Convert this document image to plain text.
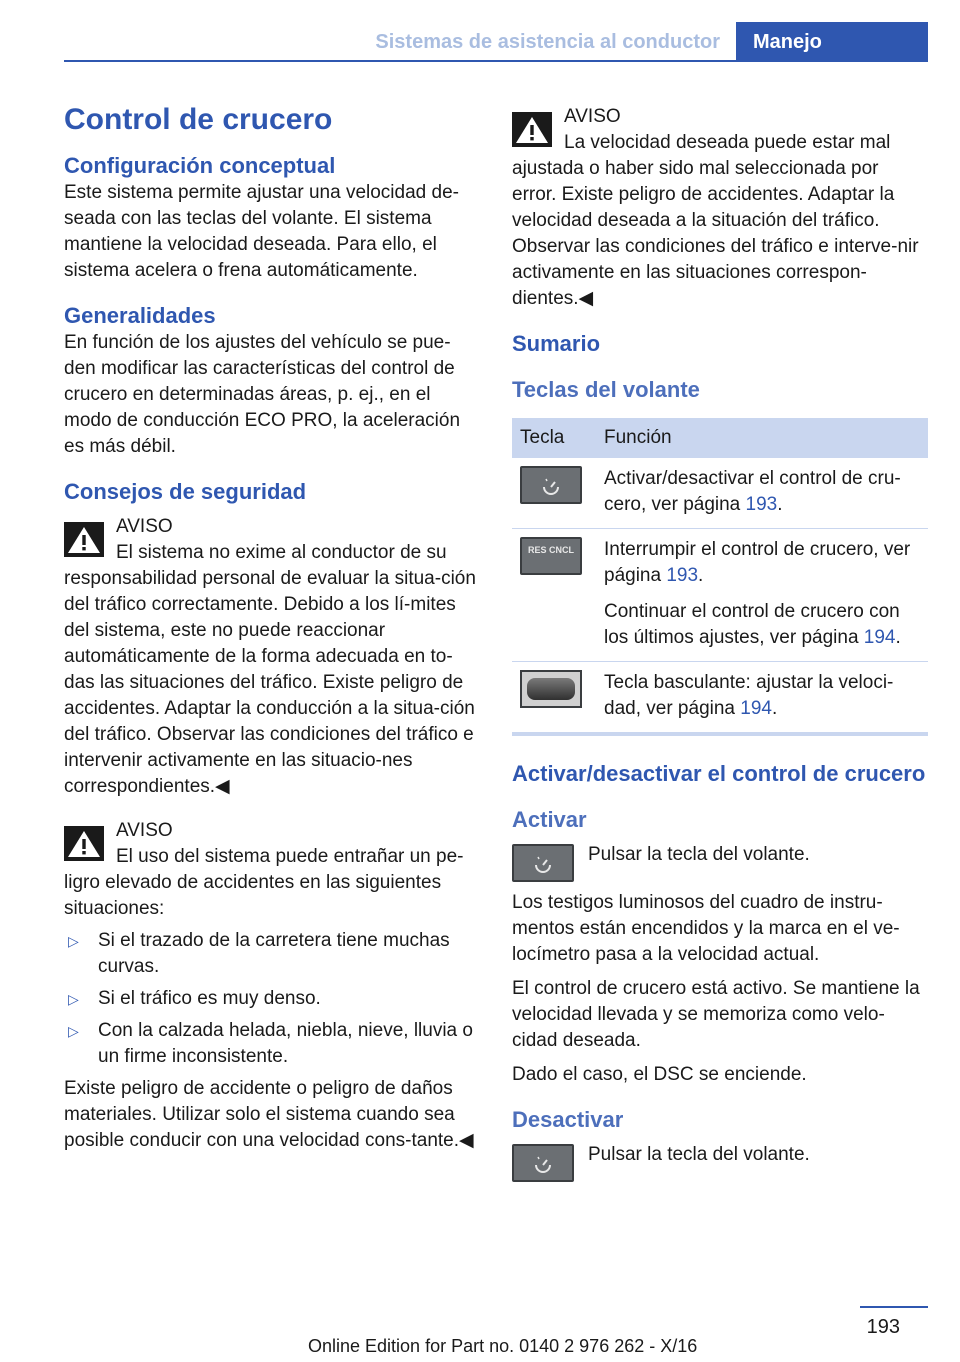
Sistemas de asistencia al conductor	Manejo
Control de crucero
Configuración conceptual

Este sistema permite ajustar una velocidad de-seada con las teclas del volante. El sistema mantiene la velocidad deseada. Para ello, el sistema acelera o frena automáticamente.

Generalidades

En función de los ajustes del vehículo se pue-den modificar las características del control de crucero en determinadas áreas, p. ej., en el modo de conducción ECO PRO, la aceleración es más débil.

Consejos de seguridad
AVISO

El sistema no exime al conductor de su responsabilidad personal de evaluar la situa-ción del tráfico correctamente. Debido a los lí-mites del sistema, este no puede reaccionar automáticamente de la forma adecuada en to-das las situaciones del tráfico. Existe peligro de accidentes. Adaptar la conducción a la situa-ción del tráfico. Observar las condiciones del tráfico e intervenir activamente en las situacio-nes correspondientes.◀

AVISO

El uso del sistema puede entrañar un pe-ligro elevado de accidentes en las siguientes situaciones:

▷ Si el trazado de la carretera tiene muchas curvas.
▷ Si el tráfico es muy denso.
▷ Con la calzada helada, niebla, nieve, lluvia o un firme inconsistente.

Existe peligro de accidente o peligro de daños materiales. Utilizar solo el sistema cuando sea posible conducir con una velocidad cons-tante.◀

AVISO

La velocidad deseada puede estar mal ajustada o haber sido mal seleccionada por error. Existe peligro de accidentes. Adaptar la velocidad deseada a la situación del tráfico. Observar las condiciones del tráfico e interve-nir activamente en las situaciones correspon-dientes.◀

Sumario
Teclas del volante
Tecla	Función

	Activar/desactivar el control de cru-cero, ver página 193.

RES CNCL	Interrumpir el control de crucero, ver página 193.

Continuar el control de crucero con los últimos ajustes, ver página 194.

	Tecla basculante: ajustar la veloci-dad, ver página 194.
Activar/desactivar el control de crucero
Activar

Pulsar la tecla del volante.

Los testigos luminosos del cuadro de instru-mentos están encendidos y la marca en el ve-locímetro pasa a la velocidad actual.

El control de crucero está activo. Se mantiene la velocidad llevada y se memoriza como velo-cidad deseada.

Dado el caso, el DSC se enciende.

Desactivar

Pulsar la tecla del volante.

193
Online Edition for Part no. 0140 2 976 262 - X/16
